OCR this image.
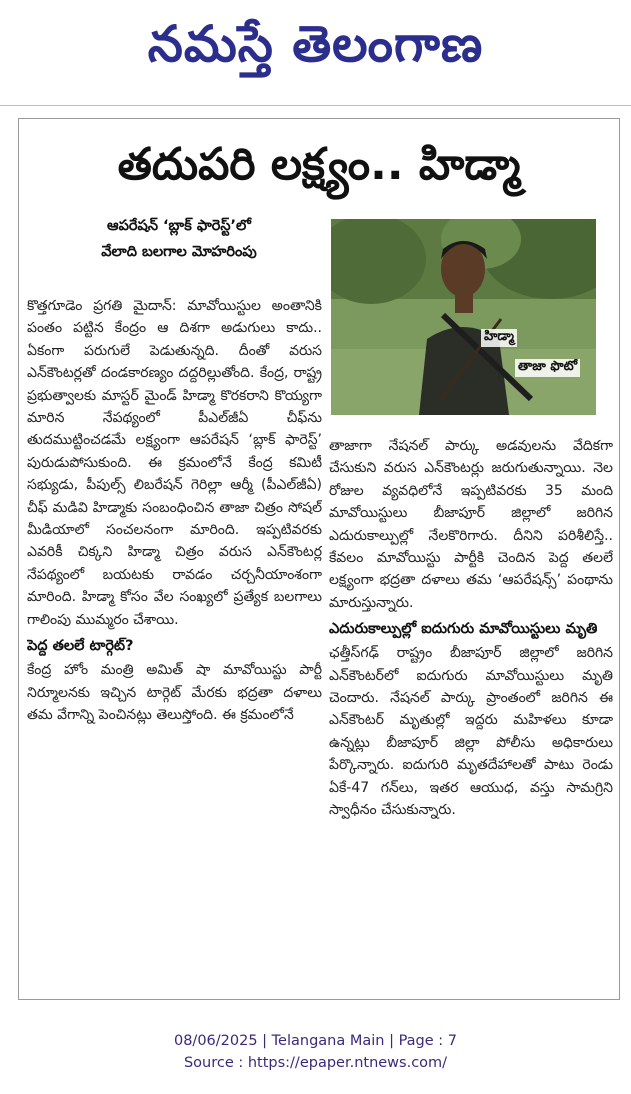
నమస్తే తెలంగాణ
తదుపరి లక్ష్యం.. హిడ్మా
ఆపరేషన్ ‘బ్లాక్ ఫారెస్ట్’లో
వేలాది బలగాల మోహరింపు
హిడ్మా
తాజా ఫొటో

కొత్తగూడెం ప్రగతి మైదాన్: మావోయిస్టుల అంతానికి పంతం పట్టిన కేంద్రం ఆ దిశగా అడుగులు కాదు.. ఏకంగా పరుగులే పెడుతున్నది. దీంతో వరుస ఎన్‌కౌంటర్లతో దండకారణ్యం దద్దరిల్లుతోంది. కేంద్ర, రాష్ట్ర ప్రభుత్వాలకు మాస్టర్ మైండ్ హిడ్మా కొరకరాని కొయ్యగా మారిన నేపథ్యంలో పీఎల్‌జీఏ చీఫ్‌ను తుదముట్టించడమే లక్ష్యంగా ఆపరేషన్ ‘బ్లాక్ ఫారెస్ట్’ పురుడుపోసుకుంది. ఈ క్రమంలోనే కేంద్ర కమిటీ సభ్యుడు, పీపుల్స్ లిబరేషన్ గెరిల్లా ఆర్మీ (పీఎల్‌జీఏ) చీఫ్ మడివి హిడ్మాకు సంబంధించిన తాజా చిత్రం సోషల్ మీడియాలో సంచలనంగా మారింది. ఇప్పటివరకు ఎవరికీ చిక్కని హిడ్మా చిత్రం వరుస ఎన్‌కౌంటర్ల నేపథ్యంలో బయటకు రావడం చర్చనీయాంశంగా మారింది. హిడ్మా కోసం వేల సంఖ్యలో ప్రత్యేక బలగాలు గాలింపు ముమ్మరం చేశాయి.

పెద్ద తలలే టార్గెట్?

కేంద్ర హోం మంత్రి అమిత్ షా మావోయిస్టు పార్టీ నిర్మూలనకు ఇచ్చిన టార్గెట్ మేరకు భద్రతా దళాలు తమ వేగాన్ని పెంచినట్లు తెలుస్తోంది. ఈ క్రమంలోనే

తాజాగా నేషనల్ పార్కు అడవులను వేదికగా చేసుకుని వరుస ఎన్‌కౌంటర్లు జరుగుతున్నాయి. నెల రోజుల వ్యవధిలోనే ఇప్పటివరకు 35 మంది మావోయిస్టులు బీజాపూర్ జిల్లాలో జరిగిన ఎదురుకాల్పుల్లో నేలకొరిగారు. దీనిని పరిశీలిస్తే.. కేవలం మావోయిస్టు పార్టీకి చెందిన పెద్ద తలలే లక్ష్యంగా భద్రతా దళాలు తమ ‘ఆపరేషన్స్’ పంథాను మారుస్తున్నారు.

ఎదురుకాల్పుల్లో ఐదుగురు మావోయిస్టులు మృతి

ఛత్తీస్‌గఢ్ రాష్ట్రం బీజాపూర్ జిల్లాలో జరిగిన ఎన్‌కౌంటర్‌లో ఐదుగురు మావోయిస్టులు మృతి చెందారు. నేషనల్ పార్కు ప్రాంతంలో జరిగిన ఈ ఎన్‌కౌంటర్ మృతుల్లో ఇద్దరు మహిళలు కూడా ఉన్నట్లు బీజాపూర్ జిల్లా పోలీసు అధికారులు పేర్కొన్నారు. ఐదుగురి మృతదేహాలతో పాటు రెండు ఏకే-47 గన్‌లు, ఇతర ఆయుధ, వస్తు సామగ్రిని స్వాధీనం చేసుకున్నారు.

08/06/2025 | Telangana Main | Page : 7
Source : https://epaper.ntnews.com/
